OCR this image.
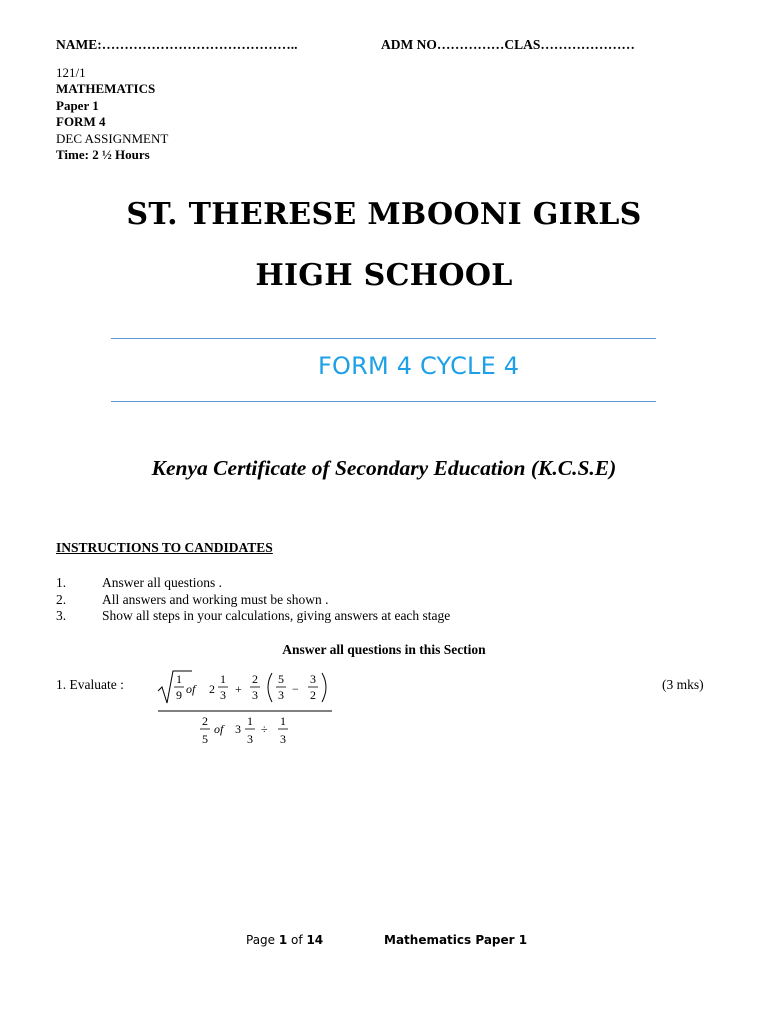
NAME:……………………………………..	ADM NO……………CLAS…………………
121/1
MATHEMATICS
Paper 1
FORM 4
DEC ASSIGNMENT
Time: 2 ½ Hours
ST. THERESE MBOONI GIRLS
HIGH SCHOOL
FORM 4 CYCLE 4
Kenya Certificate of Secondary Education (K.C.S.E)
INSTRUCTIONS TO CANDIDATES
1.	Answer all questions .
2.	All answers and working must be shown .
3.	Show all steps in your calculations, giving answers at each stage
Answer all questions in this Section
1. Evaluate :	(3 mks)
1
9 of 2
1
3 +
2
3
5
3 −
3
2
2
5
of 3
1
3
÷
1
3
Page 1 of 14	Mathematics Paper 1
